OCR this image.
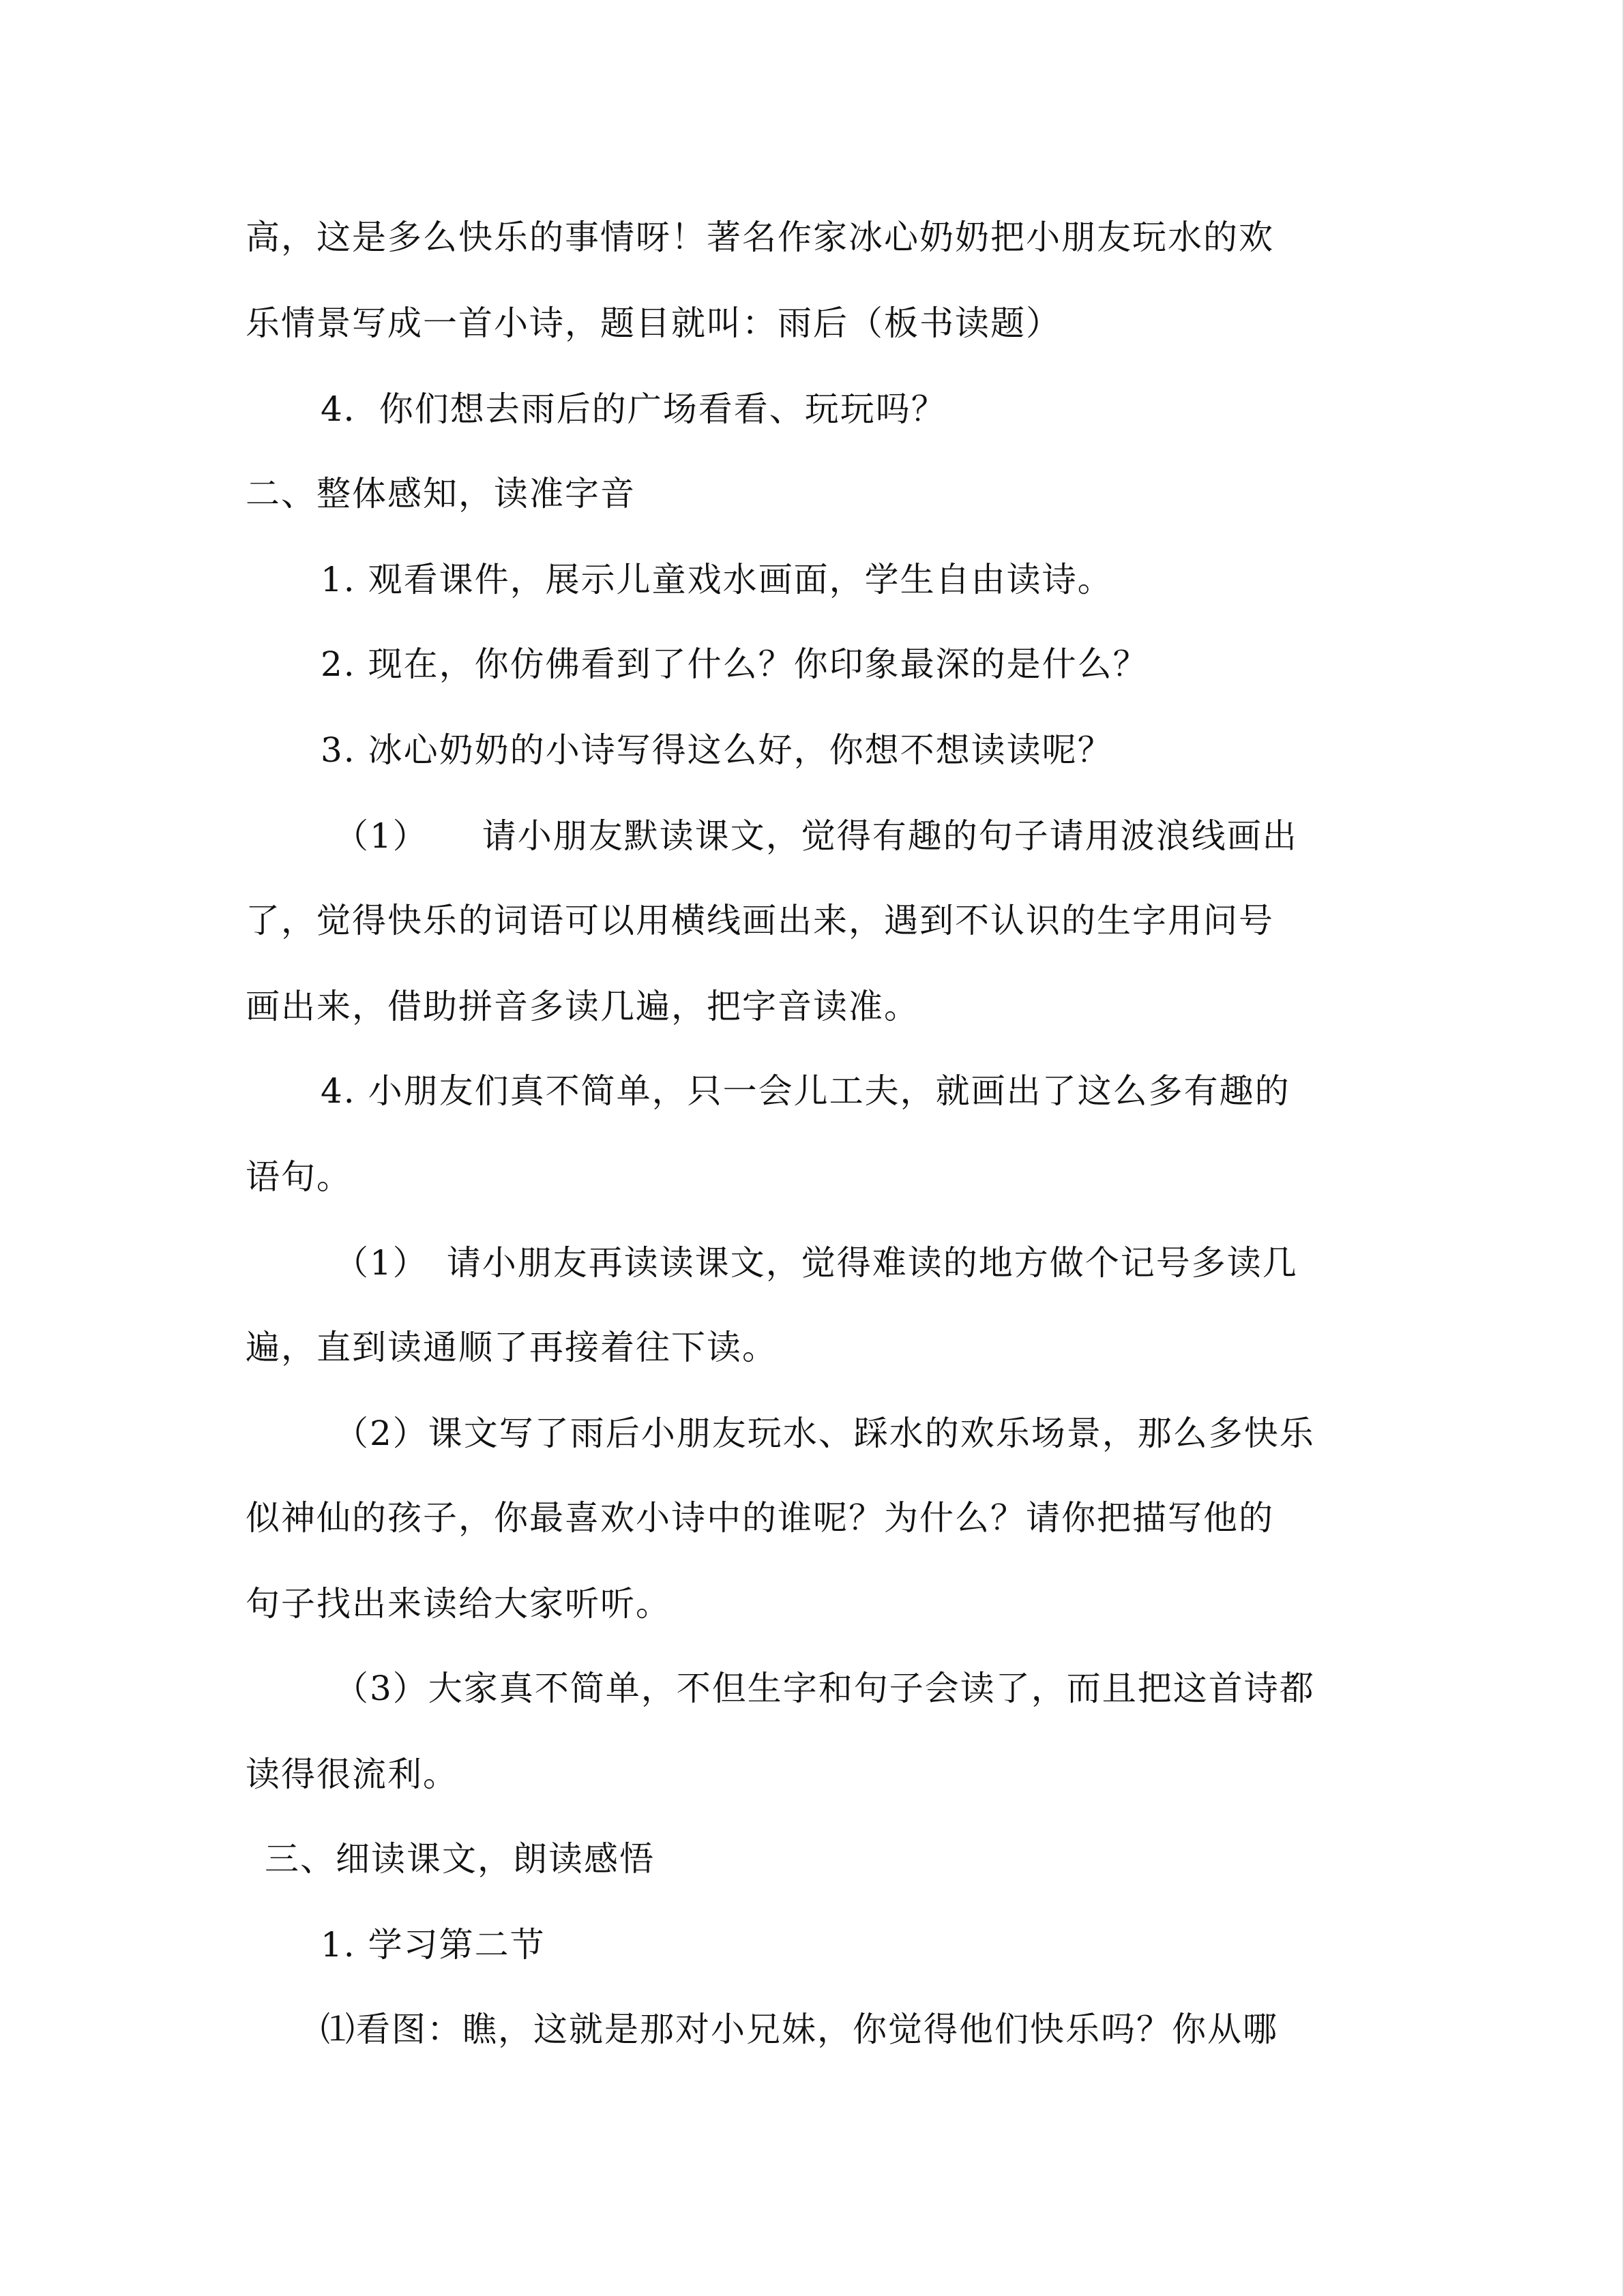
高，这是多么快乐的事情呀！著名作家冰心奶奶把小朋友玩水的欢
乐情景写成一首小诗，题目就叫：雨后（板书读题）
4．你们想去雨后的广场看看、玩玩吗？
二、整体感知，读准字音
1. 观看课件，展示儿童戏水画面，学生自由读诗。
2. 现在，你仿佛看到了什么？你印象最深的是什么？
3. 冰心奶奶的小诗写得这么好，你想不想读读呢？
（1）　　请小朋友默读课文，觉得有趣的句子请用波浪线画出
了，觉得快乐的词语可以用横线画出来，遇到不认识的生字用问号
画出来，借助拼音多读几遍，把字音读准。
4. 小朋友们真不简单，只一会儿工夫，就画出了这么多有趣的
语句。
（1）　请小朋友再读读课文，觉得难读的地方做个记号多读几
遍，直到读通顺了再接着往下读。
（2）课文写了雨后小朋友玩水、踩水的欢乐场景，那么多快乐
似神仙的孩子，你最喜欢小诗中的谁呢？为什么？请你把描写他的
句子找出来读给大家听听。
（3）大家真不简单，不但生字和句子会读了，而且把这首诗都
读得很流利。
三、细读课文，朗读感悟
1. 学习第二节
⑴看图：瞧，这就是那对小兄妹，你觉得他们快乐吗？你从哪
